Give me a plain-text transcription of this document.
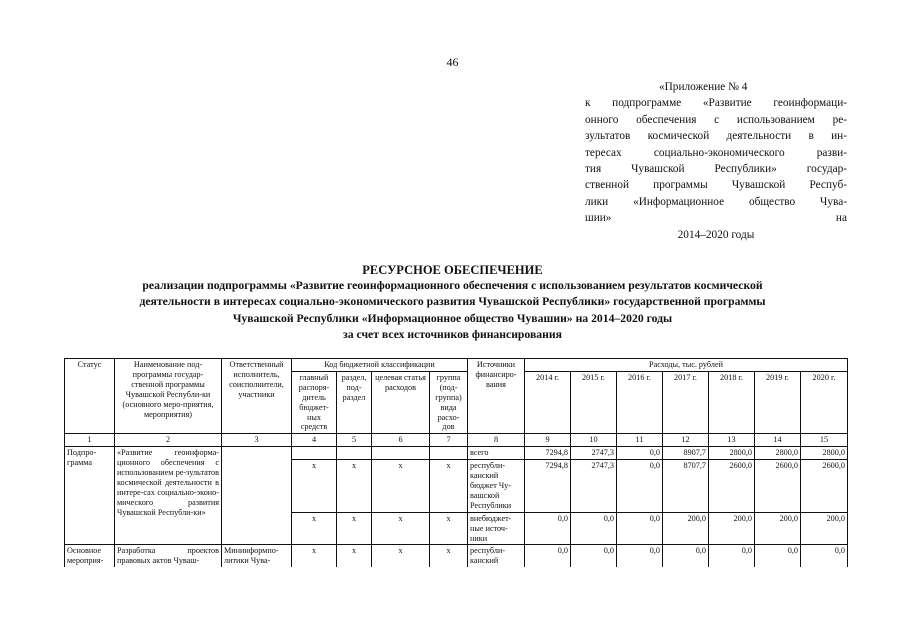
46
«Приложение № 4
к подпрограмме «Развитие геоинформаци-
онного обеспечения с использованием ре-
зультатов космической деятельности в ин-
тересах социально-экономического разви-
тия Чувашской Республики» государ-
ственной программы Чувашской Респуб-
лики «Информационное общество Чува-
шии» на
2014–2020 годы
РЕСУРСНОЕ ОБЕСПЕЧЕНИЕ
реализации подпрограммы «Развитие геоинформационного обеспечения с использованием результатов космической
деятельности в интересах социально-экономического развития Чувашской Республики» государственной программы
Чувашской Республики «Информационное общество Чувашии» на 2014–2020 годы
за счет всех источников финансирования
Статус	Наименование под-программы государ-ственной программы Чувашской Республи-ки (основного меро-приятия, мероприятия)	Ответственный исполнитель, соисполнители, участники	Код бюджетной классификации				Источники финансиро-вания	Расходы, тыс. рублей						
			главный распоря-дитель бюджет-ных средств	раздел, под-раздел	целевая статья расходов	группа (под-группа) вида расхо-дов		2014 г.	2015 г.	2016 г.	2017 г.	2018 г.	2019 г.	2020 г.
1	2	3	4	5	6	7	8	9	10	11	12	13	14	15
Подпро-грамма	«Развитие геоинформа-ционного обеспечения с использованием ре-зультатов космической деятельности в интере-сах социально-эконо-мического развития Чувашской Республи-ки»						всего	7294,8	2747,3	0,0	8907,7	2800,0	2800,0	2800,0
			x	x	x	x	республи-канский бюджет Чу-вашской Республики	7294,8	2747,3	0,0	8707,7	2600,0	2600,0	2600,0
			x	x	x	x	внебюджет-ные источ-ники	0,0	0,0	0,0	200,0	200,0	200,0	200,0
Основное мероприя-	Разработка проектов правовых актов Чуваш-	Мининформпо-литики Чува-	x	x	x	x	республи-канский	0,0	0,0	0,0	0,0	0,0	0,0	0,0
